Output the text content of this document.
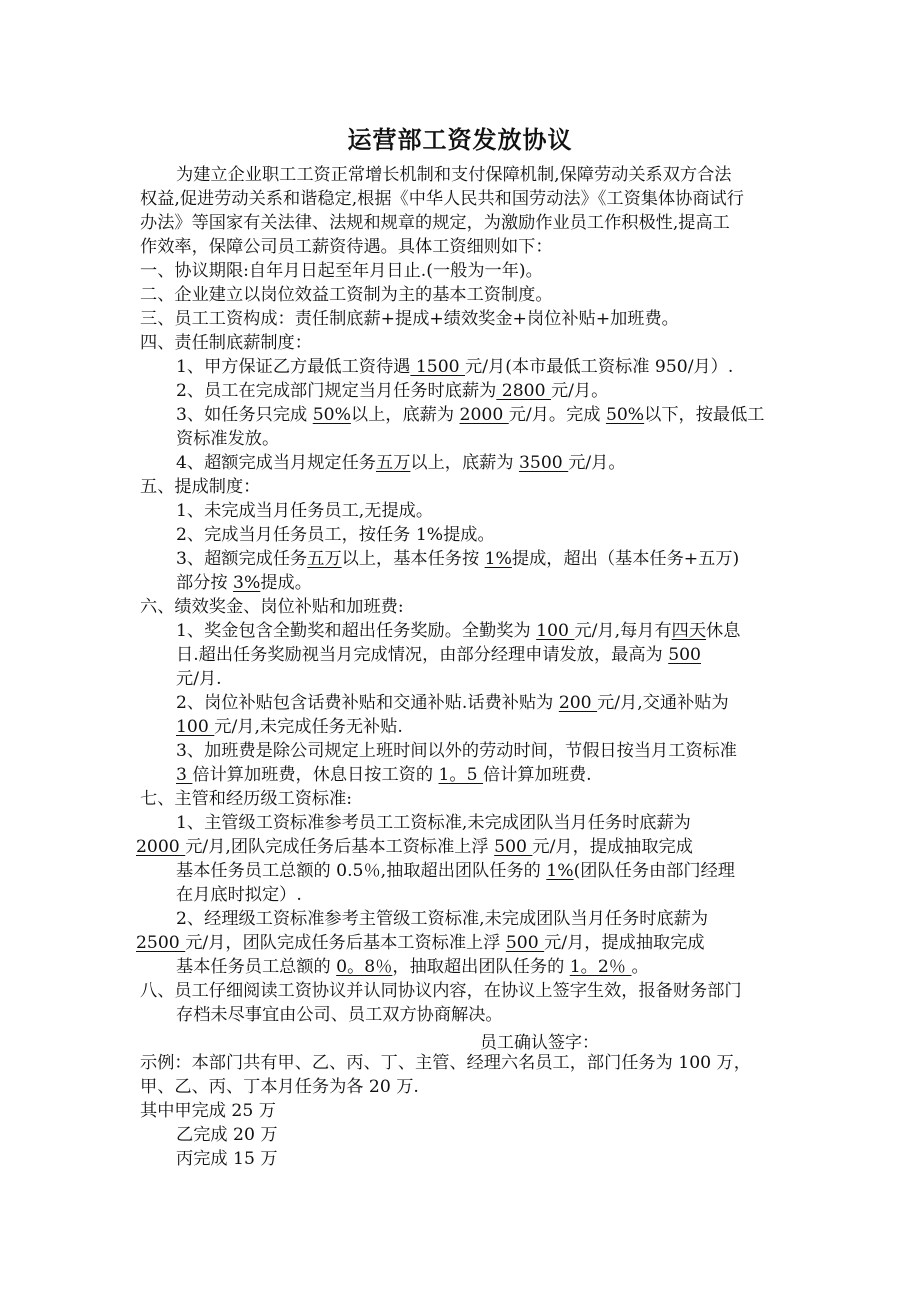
运营部工资发放协议
为建立企业职工工资正常增长机制和支付保障机制,保障劳动关系双方合法
权益,促进劳动关系和谐稳定,根据《中华人民共和国劳动法》《工资集体协商试行
办法》等国家有关法律、法规和规章的规定，为激励作业员工作积极性,提高工
作效率，保障公司员工薪资待遇。具体工资细则如下：
一、协议期限:自年月日起至年月日止.(一般为一年)。
二、企业建立以岗位效益工资制为主的基本工资制度。
三、员工工资构成：责任制底薪+提成+绩效奖金+岗位补贴+加班费。
四、责任制底薪制度：
1、甲方保证乙方最低工资待遇 1500 元/月(本市最低工资标准 950/月）.
2、员工在完成部门规定当月任务时底薪为 2800 元/月。
3、如任务只完成 50%以上，底薪为 2000 元/月。完成 50%以下，按最低工
资标准发放。
4、超额完成当月规定任务五万以上，底薪为 3500 元/月。
五、提成制度：
1、未完成当月任务员工,无提成。
2、完成当月任务员工，按任务 1%提成。
3、超额完成任务五万以上，基本任务按 1%提成，超出（基本任务+五万)
部分按 3%提成。
六、绩效奖金、岗位补贴和加班费:
1、奖金包含全勤奖和超出任务奖励。全勤奖为 100 元/月,每月有四天休息
日.超出任务奖励视当月完成情况，由部分经理申请发放，最高为 500
元/月.
2、岗位补贴包含话费补贴和交通补贴.话费补贴为 200 元/月,交通补贴为
100 元/月,未完成任务无补贴.
3、加班费是除公司规定上班时间以外的劳动时间，节假日按当月工资标准
3 倍计算加班费，休息日按工资的 1。5 倍计算加班费.
七、主管和经历级工资标准:
1、主管级工资标准参考员工工资标准,未完成团队当月任务时底薪为
2000 元/月,团队完成任务后基本工资标准上浮 500 元/月，提成抽取完成
基本任务员工总额的 0.5％,抽取超出团队任务的 1%(团队任务由部门经理
在月底时拟定）.
2、经理级工资标准参考主管级工资标准,未完成团队当月任务时底薪为
2500 元/月，团队完成任务后基本工资标准上浮 500 元/月，提成抽取完成
基本任务员工总额的 0。8％，抽取超出团队任务的 1。2％ 。
八、员工仔细阅读工资协议并认同协议内容，在协议上签字生效，报备财务部门
存档未尽事宜由公司、员工双方协商解决。
员工确认签字：
示例：本部门共有甲、乙、丙、丁、主管、经理六名员工，部门任务为 100 万，
甲、乙、丙、丁本月任务为各 20 万.
其中甲完成 25 万
乙完成 20 万
丙完成 15 万
